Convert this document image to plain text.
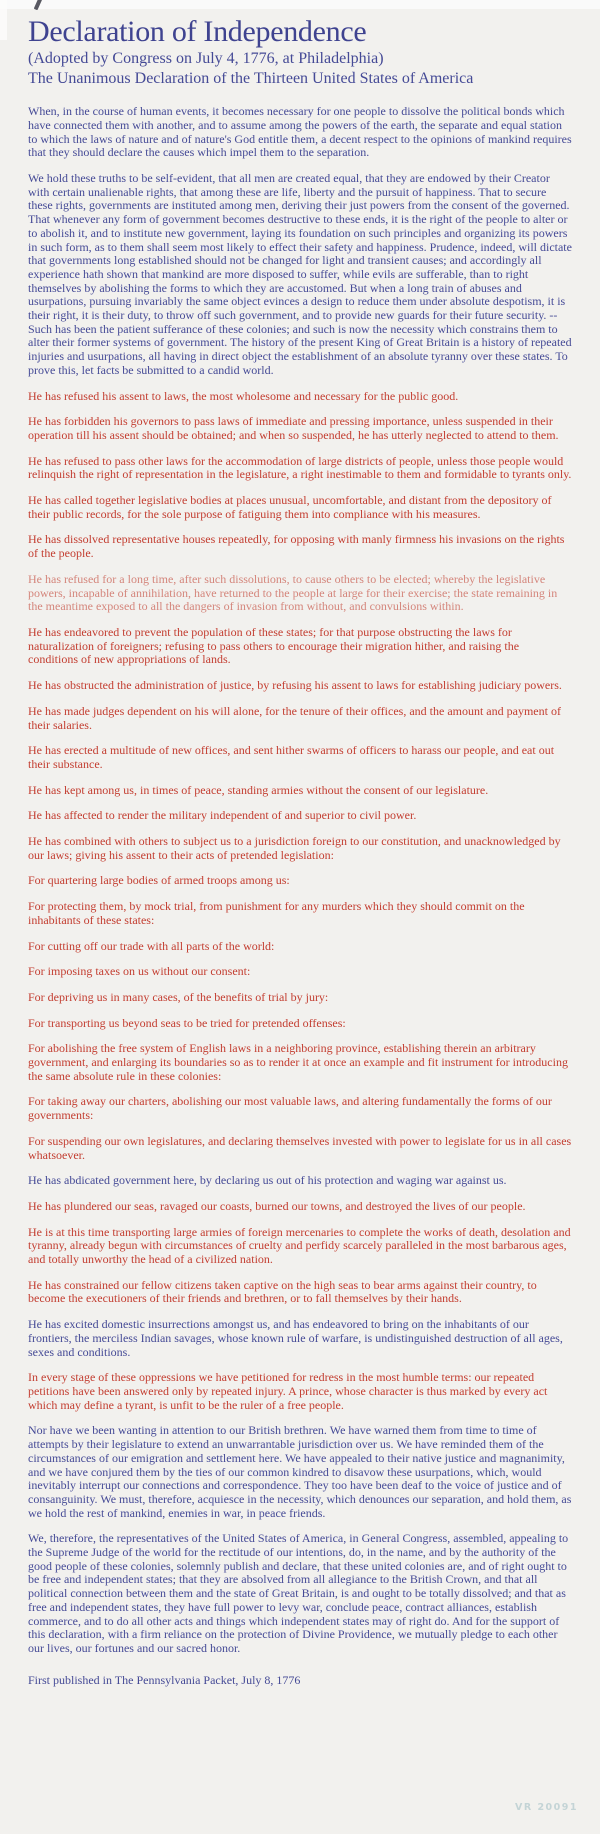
Declaration of Independence
(Adopted by Congress on July 4, 1776, at Philadelphia)
The Unanimous Declaration of the Thirteen United States of America

When, in the course of human events, it becomes necessary for one people to dissolve the political bonds which have connected them with another, and to assume among the powers of the earth, the separate and equal station to which the laws of nature and of nature's God entitle them, a decent respect to the opinions of mankind requires that they should declare the causes which impel them to the separation.

We hold these truths to be self-evident, that all men are created equal, that they are endowed by their Creator with certain unalienable rights, that among these are life, liberty and the pursuit of happiness. That to secure these rights, governments are instituted among men, deriving their just powers from the consent of the governed. That whenever any form of government becomes destructive to these ends, it is the right of the people to alter or to abolish it, and to institute new government, laying its foundation on such principles and organizing its powers in such form, as to them shall seem most likely to effect their safety and happiness. Prudence, indeed, will dictate that governments long established should not be changed for light and transient causes; and accordingly all experience hath shown that mankind are more disposed to suffer, while evils are sufferable, than to right themselves by abolishing the forms to which they are accustomed. But when a long train of abuses and usurpations, pursuing invariably the same object evinces a design to reduce them under absolute despotism, it is their right, it is their duty, to throw off such government, and to provide new guards for their future security. --Such has been the patient sufferance of these colonies; and such is now the necessity which constrains them to alter their former systems of government. The history of the present King of Great Britain is a history of repeated injuries and usurpations, all having in direct object the establishment of an absolute tyranny over these states. To prove this, let facts be submitted to a candid world.

He has refused his assent to laws, the most wholesome and necessary for the public good.

He has forbidden his governors to pass laws of immediate and pressing importance, unless suspended in their operation till his assent should be obtained; and when so suspended, he has utterly neglected to attend to them.

He has refused to pass other laws for the accommodation of large districts of people, unless those people would relinquish the right of representation in the legislature, a right inestimable to them and formidable to tyrants only.

He has called together legislative bodies at places unusual, uncomfortable, and distant from the depository of their public records, for the sole purpose of fatiguing them into compliance with his measures.

He has dissolved representative houses repeatedly, for opposing with manly firmness his invasions on the rights of the people.

He has refused for a long time, after such dissolutions, to cause others to be elected; whereby the legislative powers, incapable of annihilation, have returned to the people at large for their exercise; the state remaining in the meantime exposed to all the dangers of invasion from without, and convulsions within.

He has endeavored to prevent the population of these states; for that purpose obstructing the laws for naturalization of foreigners; refusing to pass others to encourage their migration hither, and raising the conditions of new appropriations of lands.

He has obstructed the administration of justice, by refusing his assent to laws for establishing judiciary powers.

He has made judges dependent on his will alone, for the tenure of their offices, and the amount and payment of their salaries.

He has erected a multitude of new offices, and sent hither swarms of officers to harass our people, and eat out their substance.

He has kept among us, in times of peace, standing armies without the consent of our legislature.

He has affected to render the military independent of and superior to civil power.

He has combined with others to subject us to a jurisdiction foreign to our constitution, and unacknowledged by our laws; giving his assent to their acts of pretended legislation:

For quartering large bodies of armed troops among us:

For protecting them, by mock trial, from punishment for any murders which they should commit on the inhabitants of these states:

For cutting off our trade with all parts of the world:

For imposing taxes on us without our consent:

For depriving us in many cases, of the benefits of trial by jury:

For transporting us beyond seas to be tried for pretended offenses:

For abolishing the free system of English laws in a neighboring province, establishing therein an arbitrary government, and enlarging its boundaries so as to render it at once an example and fit instrument for introducing the same absolute rule in these colonies:

For taking away our charters, abolishing our most valuable laws, and altering fundamentally the forms of our governments:

For suspending our own legislatures, and declaring themselves invested with power to legislate for us in all cases whatsoever.

He has abdicated government here, by declaring us out of his protection and waging war against us.

He has plundered our seas, ravaged our coasts, burned our towns, and destroyed the lives of our people.

He is at this time transporting large armies of foreign mercenaries to complete the works of death, desolation and tyranny, already begun with circumstances of cruelty and perfidy scarcely paralleled in the most barbarous ages, and totally unworthy the head of a civilized nation.

He has constrained our fellow citizens taken captive on the high seas to bear arms against their country, to become the executioners of their friends and brethren, or to fall themselves by their hands.

He has excited domestic insurrections amongst us, and has endeavored to bring on the inhabitants of our frontiers, the merciless Indian savages, whose known rule of warfare, is undistinguished destruction of all ages, sexes and conditions.

In every stage of these oppressions we have petitioned for redress in the most humble terms: our repeated petitions have been answered only by repeated injury. A prince, whose character is thus marked by every act which may define a tyrant, is unfit to be the ruler of a free people.

Nor have we been wanting in attention to our British brethren. We have warned them from time to time of attempts by their legislature to extend an unwarrantable jurisdiction over us. We have reminded them of the circumstances of our emigration and settlement here. We have appealed to their native justice and magnanimity, and we have conjured them by the ties of our common kindred to disavow these usurpations, which, would inevitably interrupt our connections and correspondence. They too have been deaf to the voice of justice and of consanguinity. We must, therefore, acquiesce in the necessity, which denounces our separation, and hold them, as we hold the rest of mankind, enemies in war, in peace friends.

We, therefore, the representatives of the United States of America, in General Congress, assembled, appealing to the Supreme Judge of the world for the rectitude of our intentions, do, in the name, and by the authority of the good people of these colonies, solemnly publish and declare, that these united colonies are, and of right ought to be free and independent states; that they are absolved from all allegiance to the British Crown, and that all political connection between them and the state of Great Britain, is and ought to be totally dissolved; and that as free and independent states, they have full power to levy war, conclude peace, contract alliances, establish commerce, and to do all other acts and things which independent states may of right do. And for the support of this declaration, with a firm reliance on the protection of Divine Providence, we mutually pledge to each other our lives, our fortunes and our sacred honor.

First published in The Pennsylvania Packet, July 8, 1776
VR 20091
